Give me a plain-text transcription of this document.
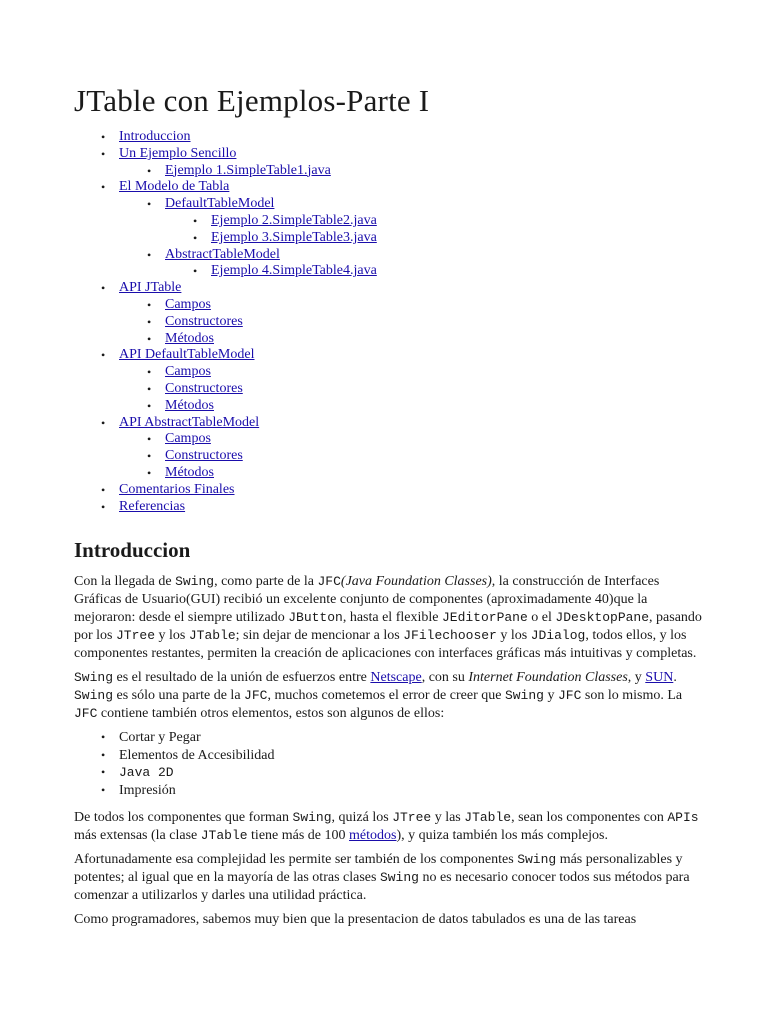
JTable con Ejemplos-Parte I
• Introduccion
• Un Ejemplo Sencillo
• Ejemplo 1.SimpleTable1.java
• El Modelo de Tabla
• DefaultTableModel
• Ejemplo 2.SimpleTable2.java
• Ejemplo 3.SimpleTable3.java
• AbstractTableModel
• Ejemplo 4.SimpleTable4.java
• API JTable
• Campos
• Constructores
• Métodos
• API DefaultTableModel
• Campos
• Constructores
• Métodos
• API AbstractTableModel
• Campos
• Constructores
• Métodos
• Comentarios Finales
• Referencias
Introduccion

Con la llegada de Swing, como parte de la JFC(Java Foundation Classes), la construcción de Interfaces Gráficas de Usuario(GUI) recibió un excelente conjunto de componentes (aproximadamente 40)que la mejoraron: desde el siempre utilizado JButton, hasta el flexible JEditorPane o el JDesktopPane, pasando por los JTree y los JTable; sin dejar de mencionar a los JFilechooser y los JDialog, todos ellos, y los componentes restantes, permiten la creación de aplicaciones con interfaces gráficas más intuitivas y completas.

Swing es el resultado de la unión de esfuerzos entre Netscape, con su Internet Foundation Classes, y SUN. Swing es sólo una parte de la JFC, muchos cometemos el error de creer que Swing y JFC son lo mismo. La JFC contiene también otros elementos, estos son algunos de ellos:

• Cortar y Pegar
• Elementos de Accesibilidad
• Java 2D
• Impresión

De todos los componentes que forman Swing, quizá los JTree y las JTable, sean los componentes con APIs más extensas (la clase JTable tiene más de 100 métodos), y quiza también los más complejos.

Afortunadamente esa complejidad les permite ser también de los componentes Swing más personalizables y potentes; al igual que en la mayoría de las otras clases Swing no es necesario conocer todos sus métodos para comenzar a utilizarlos y darles una utilidad práctica.

Como programadores, sabemos muy bien que la presentacion de datos tabulados es una de las tareas
